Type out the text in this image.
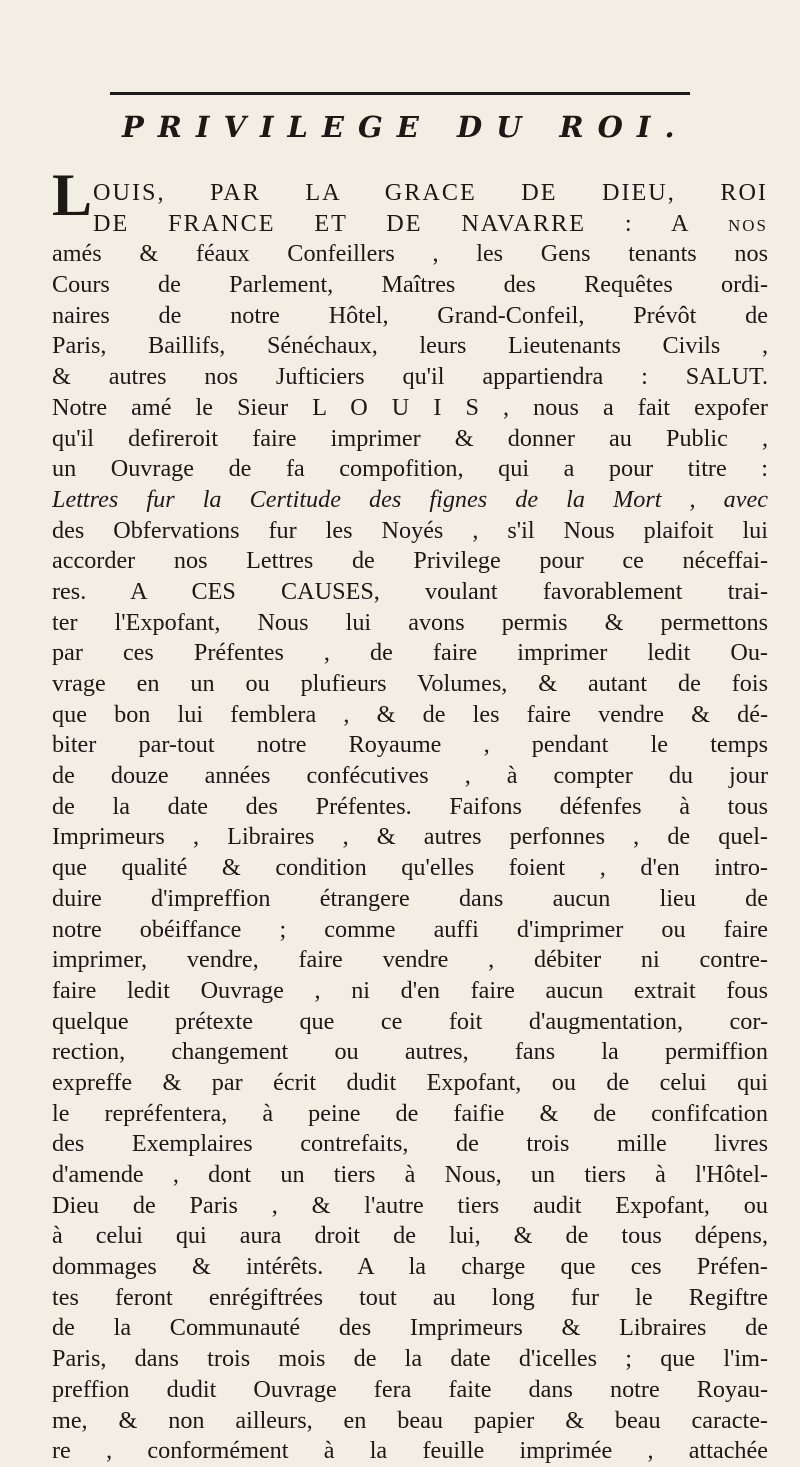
PRIVILEGE DU ROI.
L OUIS, PAR LA GRACE DE DIEU, ROI
DE FRANCE ET DE NAVARRE : A nos
amés & féaux Confeillers , les Gens tenants nos
Cours de Parlement, Maîtres des Requêtes ordi-
naires de notre Hôtel, Grand-Confeil, Prévôt de
Paris, Baillifs, Sénéchaux, leurs Lieutenants Civils ,
& autres nos Jufticiers qu'il appartiendra : SALUT.
Notre amé le Sieur L O U I S , nous a fait expofer
qu'il defireroit faire imprimer & donner au Public ,
un Ouvrage de fa compofition, qui a pour titre :
Lettres fur la Certitude des fignes de la Mort , avec
des Obfervations fur les Noyés , s'il Nous plaifoit lui
accorder nos Lettres de Privilege pour ce néceffai-
res. A CES CAUSES, voulant favorablement trai-
ter l'Expofant, Nous lui avons permis & permettons
par ces Préfentes , de faire imprimer ledit Ou-
vrage en un ou plufieurs Volumes, & autant de fois
que bon lui femblera , & de les faire vendre & dé-
biter par-tout notre Royaume , pendant le temps
de douze années confécutives , à compter du jour
de la date des Préfentes. Faifons défenfes à tous
Imprimeurs , Libraires , & autres perfonnes , de quel-
que qualité & condition qu'elles foient , d'en intro-
duire d'impreffion étrangere dans aucun lieu de
notre obéiffance ; comme auffi d'imprimer ou faire
imprimer, vendre, faire vendre , débiter ni contre-
faire ledit Ouvrage , ni d'en faire aucun extrait fous
quelque prétexte que ce foit d'augmentation, cor-
rection, changement ou autres, fans la permiffion
expreffe & par écrit dudit Expofant, ou de celui qui
le repréfentera, à peine de faifie & de confifcation
des Exemplaires contrefaits, de trois mille livres
d'amende , dont un tiers à Nous, un tiers à l'Hôtel-
Dieu de Paris , & l'autre tiers audit Expofant, ou
à celui qui aura droit de lui, & de tous dépens,
dommages & intérêts. A la charge que ces Préfen-
tes feront enrégiftrées tout au long fur le Regiftre
de la Communauté des Imprimeurs & Libraires de
Paris, dans trois mois de la date d'icelles ; que l'im-
preffion dudit Ouvrage fera faite dans notre Royau-
me, & non ailleurs, en beau papier & beau caracte-
re , conformément à la feuille imprimée , attachée
